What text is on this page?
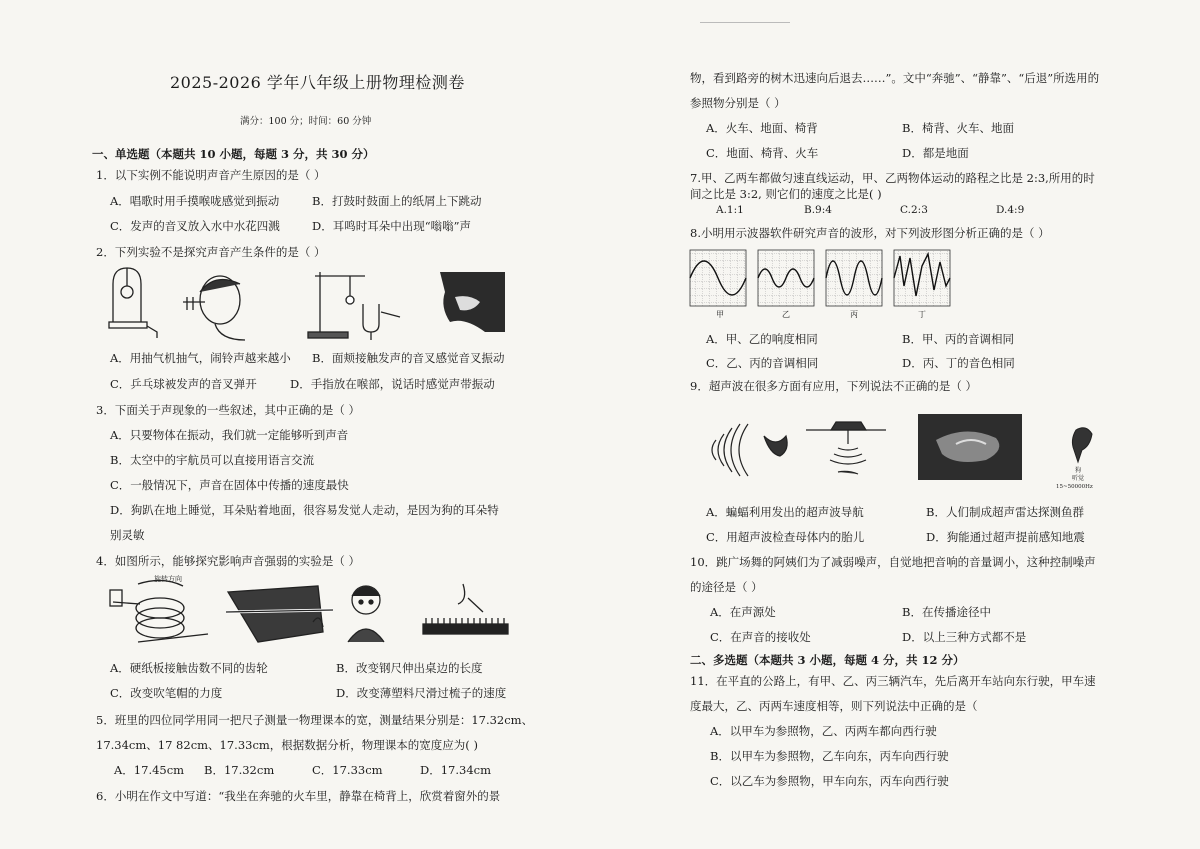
2025-2026 学年八年级上册物理检测卷
满分：100 分；时间：60 分钟
一、单选题（本题共 10 小题，每题 3 分，共 30 分）
1．以下实例不能说明声音产生原因的是（ ）
A．唱歌时用手摸喉咙感觉到振动	B．打鼓时鼓面上的纸屑上下跳动
C．发声的音叉放入水中水花四溅	D．耳鸣时耳朵中出现“嗡嗡”声
2．下列实验不是探究声音产生条件的是（ ）
A．用抽气机抽气，闹铃声越来越小 B．面颊接触发声的音叉感觉音叉振动
C．乒乓球被发声的音叉弹开	D．手指放在喉部，说话时感觉声带振动
3．下面关于声现象的一些叙述，其中正确的是（ ）
A．只要物体在振动，我们就一定能够听到声音
B．太空中的宇航员可以直接用语言交流
C．一般情况下，声音在固体中传播的速度最快
D．狗趴在地上睡觉，耳朵贴着地面，很容易发觉人走动，是因为狗的耳朵特
别灵敏
4．如图所示，能够探究影响声音强弱的实验是（ ）
旋转方向
A．硬纸板接触齿数不同的齿轮	B．改变钢尺伸出桌边的长度
C．改变吹笔帽的力度	D．改变薄塑料尺滑过梳子的速度
5．班里的四位同学用同一把尺子测量一物理课本的宽，测量结果分别是：17.32cm、
17.34cm、17 82cm、17.33cm，根据数据分析，物理课本的宽度应为( )
A．17.45cm B．17.32cm	C．17.33cm	D．17.34cm
6．小明在作文中写道：“我坐在奔驰的火车里，静靠在椅背上，欣赏着窗外的景
物，看到路旁的树木迅速向后退去……”。文中“奔驰”、“静靠”、“后退”所选用的
参照物分别是（ ）
A．火车、地面、椅背	B．椅背、火车、地面
C．地面、椅背、火车	D．都是地面
7.甲、乙两车都做匀速直线运动，甲、乙两物体运动的路程之比是 2:3,所用的时
间之比是 3:2, 则它们的速度之比是( )
A.1:1	B.9:4	C.2:3	D.4:9
8.小明用示波器软件研究声音的波形，对下列波形图分析正确的是（ ）
甲	乙	丙	丁
A．甲、乙的响度相同	B．甲、丙的音调相同
C．乙、丙的音调相同	D．丙、丁的音色相同
9．超声波在很多方面有应用，下列说法不正确的是（ ）
狗
听觉
15~50000Hz
A．蝙蝠利用发出的超声波导航	B．人们制成超声雷达探测鱼群
C．用超声波检查母体内的胎儿	D．狗能通过超声提前感知地震
10．跳广场舞的阿姨们为了减弱噪声，自觉地把音响的音量调小，这种控制噪声
的途径是（ ）
A．在声源处	B．在传播途径中
C．在声音的接收处	D．以上三种方式都不是
二、多选题（本题共 3 小题，每题 4 分，共 12 分）
11．在平直的公路上，有甲、乙、丙三辆汽车，先后离开车站向东行驶，甲车速
度最大，乙、丙两车速度相等，则下列说法中正确的是（
A．以甲车为参照物，乙、丙两车都向西行驶
B．以甲车为参照物，乙车向东，丙车向西行驶
C．以乙车为参照物，甲车向东，丙车向西行驶
